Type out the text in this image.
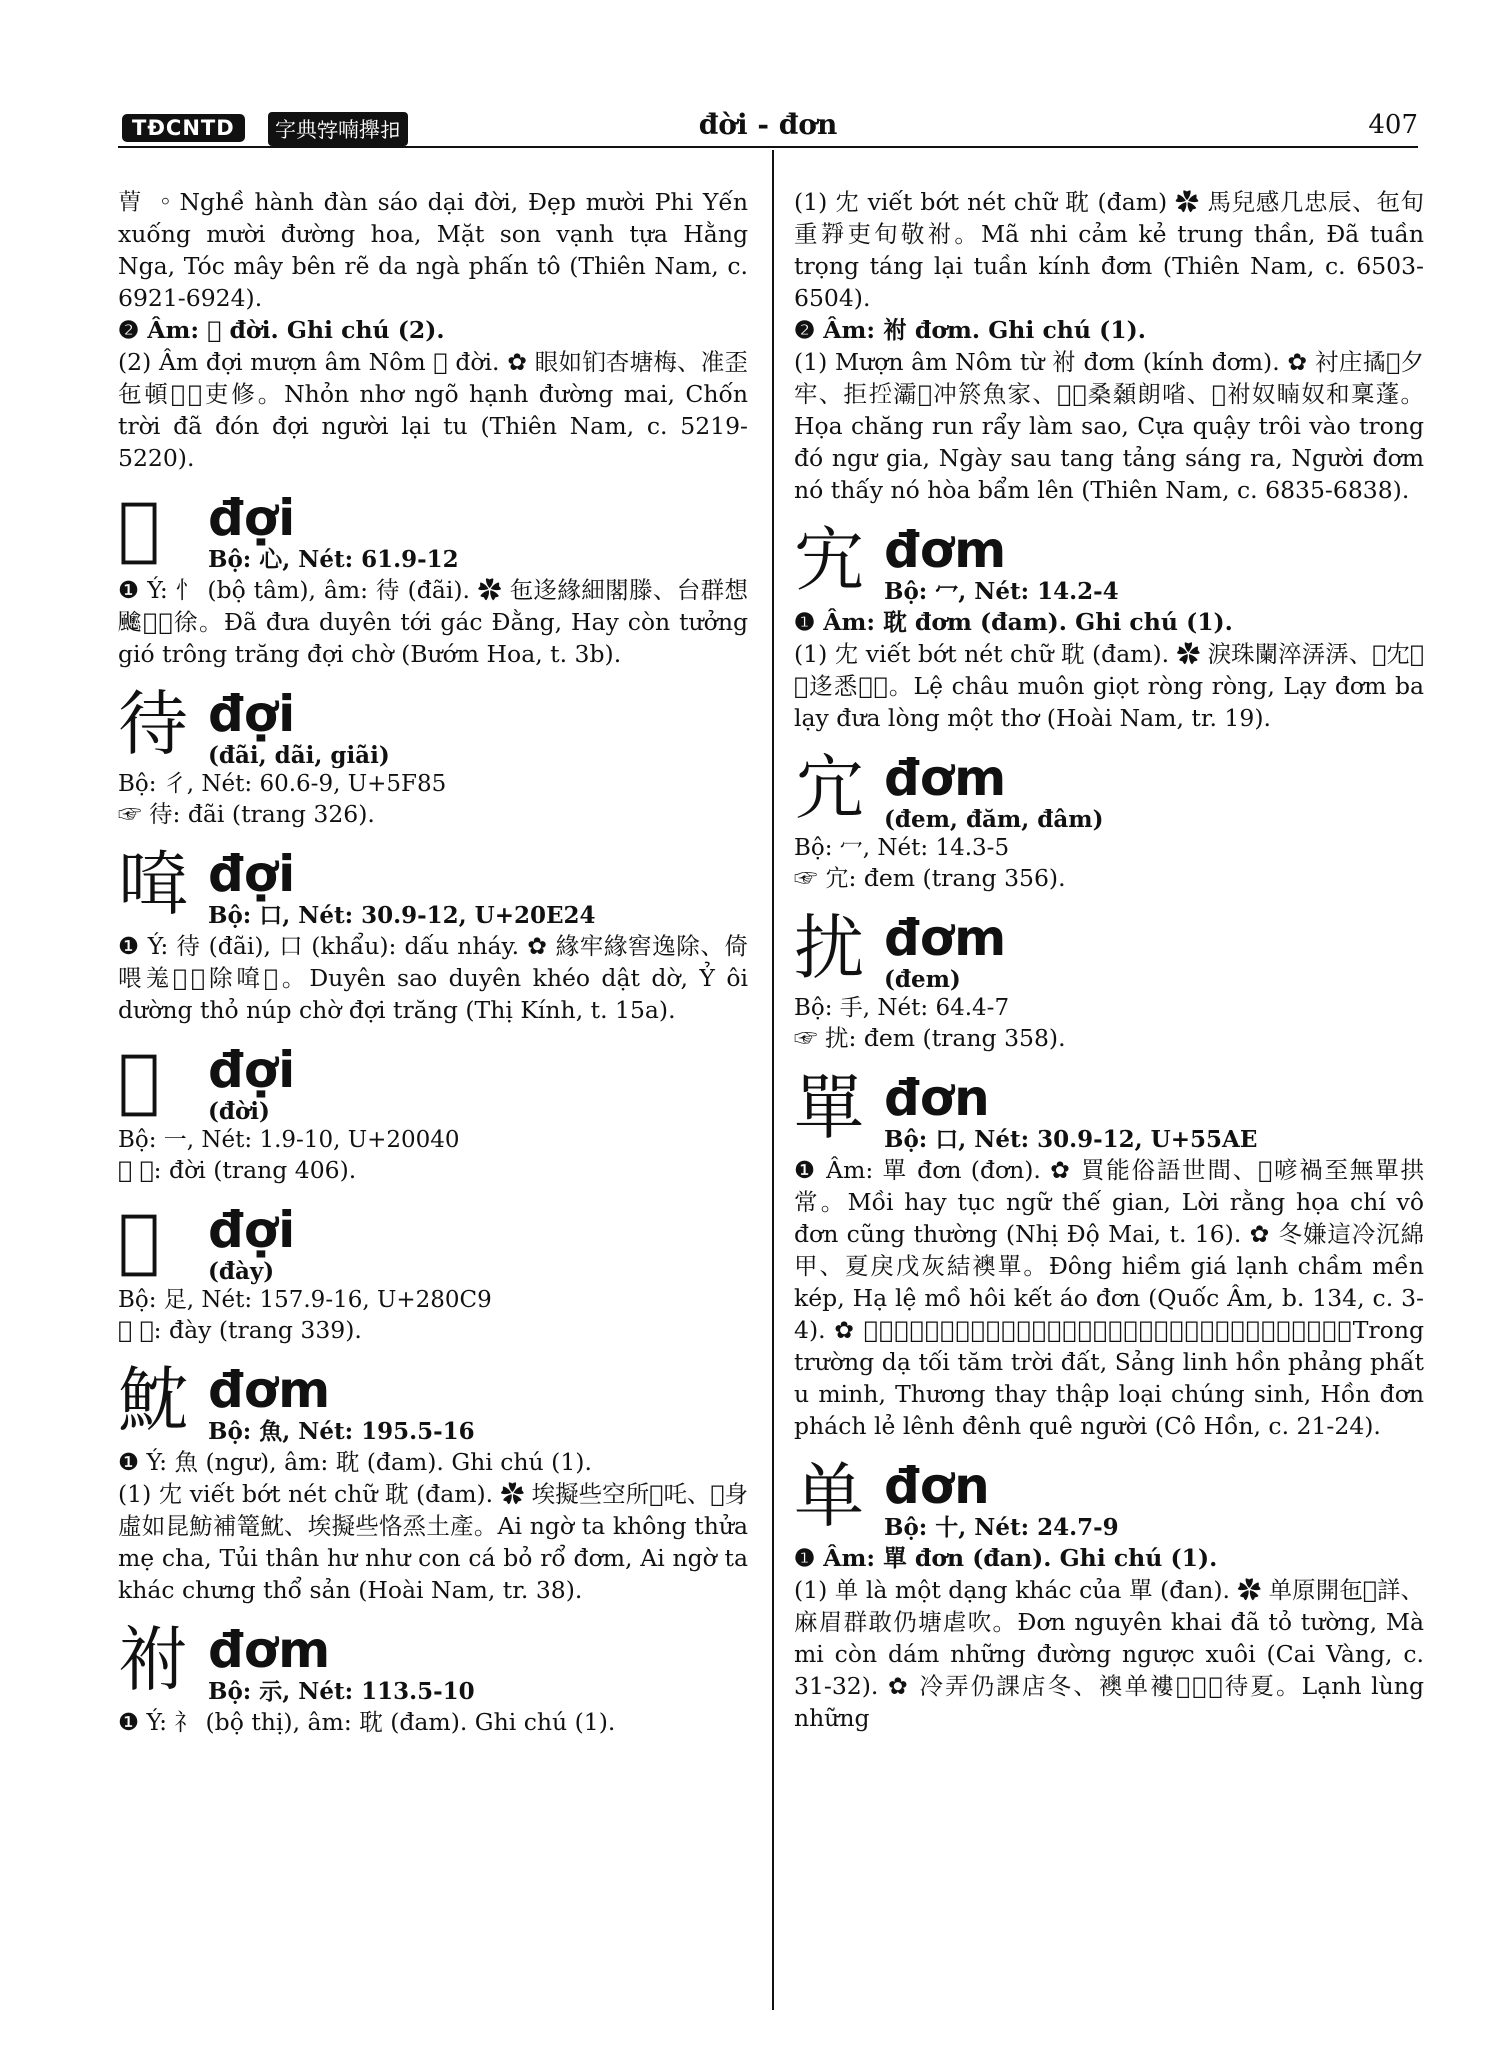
TĐCNTD	字典𡨸喃攑𢪏	đời - đơn	407

𦳢 。Nghề hành đàn sáo dại đời, Đẹp mười Phi Yến xuống mười đường hoa, Mặt son vạnh tựa Hằng Nga, Tóc mây bên rẽ da ngà phấn tô (Thiên Nam, c. 6921-6924).

❷ Âm: 𦰟 đời. Ghi chú (2).

(2) Âm đợi mượn âm Nôm 𦰟 đời. ✿ 眼如钔杏塘梅、准歪㐌頓𦰟𢭂吏修。Nhỏn nhơ ngõ hạnh đường mai, Chốn trời đã đón đợi người lại tu (Thiên Nam, c. 5219-5220).

𢘾 đợi
Bộ: 心, Nét: 61.9-12

❶ Ý: 忄 (bộ tâm), âm: 待 (đãi). ✿ 㐌迻緣細閣滕、台群想𩙍𩙌𢘾徐。Đã đưa duyên tới gác Đằng, Hay còn tưởng gió trông trăng đợi chờ (Bướm Hoa, t. 3b).

待 đợi
(đãi, dãi, giãi)

Bộ: 彳, Nét: 60.6-9, U+5F85

☞ 待: đãi (trang 326).

𠸊 đợi
Bộ: 口, Nét: 30.9-12, U+20E24

❶ Ý: 待 (đãi), 口 (khẩu): dấu nháy. ✿ 緣牢緣窖逸除、倚喂羗𤠄𨆢除𠸊𢘾。Duyên sao duyên khéo dật dờ, Ỷ ôi dường thỏ núp chờ đợi trăng (Thị Kính, t. 15a).

𦰟 đợi
(đời)

Bộ: 一, Nét: 1.9-10, U+20040

☞ 𦰟: đời (trang 406).

𨅹 đợi
(đày)

Bộ: 足, Nét: 157.9-16, U+280C9

☞ 𨅹: đày (trang 339).

魫 đơm
Bộ: 魚, Nét: 195.5-16

❶ Ý: 魚 (ngư), âm: 耽 (đam). Ghi chú (1).

(1) 冘 viết bớt nét chữ 耽 (đam). ✿ 埃擬些空所𡛔吒、𤿤身虛如昆魴補篭魫、埃擬些恪烝土產。Ai ngờ ta không thửa mẹ cha, Tủi thân hư như con cá bỏ rổ đơm, Ai ngờ ta khác chưng thổ sản (Hoài Nam, tr. 38).

祔 đơm
Bộ: 示, Nét: 113.5-10

❶ Ý: 礻 (bộ thị), âm: 耽 (đam). Ghi chú (1).

(1) 冘 viết bớt nét chữ 耽 (đam) ✿ 馬兒感几忠辰、㐌旬重𦽰吏旬敬祔。Mã nhi cảm kẻ trung thần, Đã tuần trọng táng lại tuần kính đơm (Thiên Nam, c. 6503-6504).

❷ Âm: 祔 đơm. Ghi chú (1).

(1) Mượn âm Nôm từ 祔 đơm (kính đơm). ✿ 衬庄𢵮𢬣夕牢、拒𢭊灞𠵛冲箊魚家、𣈜𤽗桑顙朗㗂、𨄹祔奴𥈶奴和稟蓬。Họa chăng run rẩy làm sao, Cựa quậy trôi vào trong đó ngư gia, Ngày sau tang tảng sáng ra, Người đơm nó thấy nó hòa bẩm lên (Thiên Nam, c. 6835-6838).

宄 đơm
Bộ: 冖, Nét: 14.2-4

❶ Âm: 耽 đơm (đam). Ghi chú (1).

(1) 冘 viết bớt nét chữ 耽 (đam). ✿ 淚珠闌淬㳥㳥、𢬣冘𠀧𢬣迻悉𠬠𧸝。Lệ châu muôn giọt ròng ròng, Lạy đơm ba lạy đưa lòng một thơ (Hoài Nam, tr. 19).

宂 đơm
(đem, đăm, đâm)

Bộ: 冖, Nét: 14.3-5

☞ 宂: đem (trang 356).

扰 đơm
(đem)

Bộ: 手, Nét: 64.4-7

☞ 扰: đem (trang 358).

單 đơn
Bộ: 口, Nét: 30.9-12, U+55AE

❶ Âm: 單 đơn (đơn). ✿ 買能俗語世間、𠱋喭禍至無單拱常。Mồi hay tục ngữ thế gian, Lời rằng họa chí vô đơn cũng thường (Nhị Độ Mai, t. 16). ✿ 冬嫌這冷沉綿甲、夏戾戊灰結襖單。Đông hiềm giá lạnh chầm mền kép, Hạ lệ mồ hôi kết áo đơn (Quốc Âm, b. 134, c. 3-4). ✿ 𣎀長夜最𢠩𡗶坦、爽靈魂彷彿幽冥、傷合十類眾生、魂單魄禮冷汀圭𢭂。Trong trường dạ tối tăm trời đất, Sảng linh hồn phảng phất u minh, Thương thay thập loại chúng sinh, Hồn đơn phách lẻ lênh đênh quê người (Cô Hồn, c. 21-24).

单 đơn
Bộ: 十, Nét: 24.7-9

❶ Âm: 單 đơn (đan). Ghi chú (1).

(1) 单 là một dạng khác của 單 (đan). ✿ 单原開㐌𤏣詳、麻眉群敢仍塘虐吹。Đơn nguyên khai đã tỏ tường, Mà mi còn dám những đường ngược xuôi (Cai Vàng, c. 31-32). ✿ 冷弄仍課店冬、襖单褸𤄯𥊚𩄲待夏。Lạnh lùng những
